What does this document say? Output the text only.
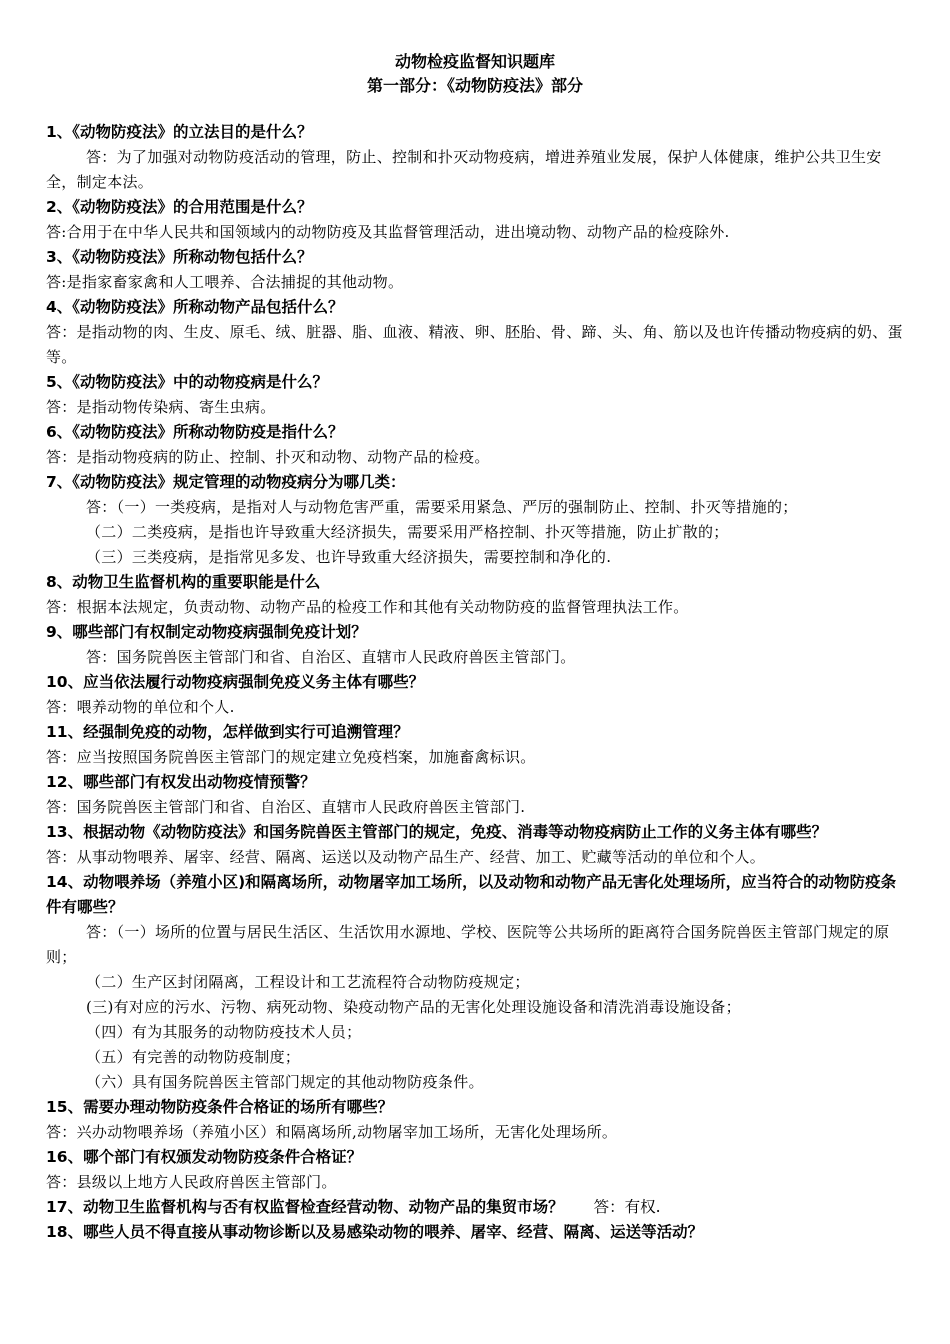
动物检疫监督知识题库
第一部分：《动物防疫法》部分
1、《动物防疫法》的立法目的是什么？
答：为了加强对动物防疫活动的管理，防止、控制和扑灭动物疫病，增进养殖业发展，保护人体健康，维护公共卫生安全，制定本法。
2、《动物防疫法》的合用范围是什么？
答:合用于在中华人民共和国领域内的动物防疫及其监督管理活动，进出境动物、动物产品的检疫除外.
3、《动物防疫法》所称动物包括什么？
答:是指家畜家禽和人工喂养、合法捕捉的其他动物。
4、《动物防疫法》所称动物产品包括什么？
答：是指动物的肉、生皮、原毛、绒、脏器、脂、血液、精液、卵、胚胎、骨、蹄、头、角、筋以及也许传播动物疫病的奶、蛋等。
5、《动物防疫法》中的动物疫病是什么？
答：是指动物传染病、寄生虫病。
6、《动物防疫法》所称动物防疫是指什么？
答：是指动物疫病的防止、控制、扑灭和动物、动物产品的检疫。
7、《动物防疫法》规定管理的动物疫病分为哪几类：
答：（一）一类疫病，是指对人与动物危害严重，需要采用紧急、严厉的强制防止、控制、扑灭等措施的；
（二）二类疫病，是指也许导致重大经济损失，需要采用严格控制、扑灭等措施，防止扩散的；
（三）三类疫病，是指常见多发、也许导致重大经济损失，需要控制和净化的.
8、动物卫生监督机构的重要职能是什么
答：根据本法规定，负责动物、动物产品的检疫工作和其他有关动物防疫的监督管理执法工作。
9、哪些部门有权制定动物疫病强制免疫计划？
答：国务院兽医主管部门和省、自治区、直辖市人民政府兽医主管部门。
10、应当依法履行动物疫病强制免疫义务主体有哪些？
答：喂养动物的单位和个人.
11、经强制免疫的动物，怎样做到实行可追溯管理？
答：应当按照国务院兽医主管部门的规定建立免疫档案，加施畜禽标识。
12、哪些部门有权发出动物疫情预警？
答：国务院兽医主管部门和省、自治区、直辖市人民政府兽医主管部门.
13、根据动物《动物防疫法》和国务院兽医主管部门的规定，免疫、消毒等动物疫病防止工作的义务主体有哪些？
答：从事动物喂养、屠宰、经营、隔离、运送以及动物产品生产、经营、加工、贮藏等活动的单位和个人。
14、动物喂养场（养殖小区)和隔离场所，动物屠宰加工场所，以及动物和动物产品无害化处理场所，应当符合的动物防疫条件有哪些？
答：（一）场所的位置与居民生活区、生活饮用水源地、学校、医院等公共场所的距离符合国务院兽医主管部门规定的原则；
（二）生产区封闭隔离，工程设计和工艺流程符合动物防疫规定；
(三)有对应的污水、污物、病死动物、染疫动物产品的无害化处理设施设备和清洗消毒设施设备；
（四）有为其服务的动物防疫技术人员；
（五）有完善的动物防疫制度；
（六）具有国务院兽医主管部门规定的其他动物防疫条件。
15、需要办理动物防疫条件合格证的场所有哪些？
答：兴办动物喂养场（养殖小区）和隔离场所,动物屠宰加工场所，无害化处理场所。
16、哪个部门有权颁发动物防疫条件合格证？
答：县级以上地方人民政府兽医主管部门。
17、动物卫生监督机构与否有权监督检查经营动物、动物产品的集贸市场？ 答：有权.
18、哪些人员不得直接从事动物诊断以及易感染动物的喂养、屠宰、经营、隔离、运送等活动？
